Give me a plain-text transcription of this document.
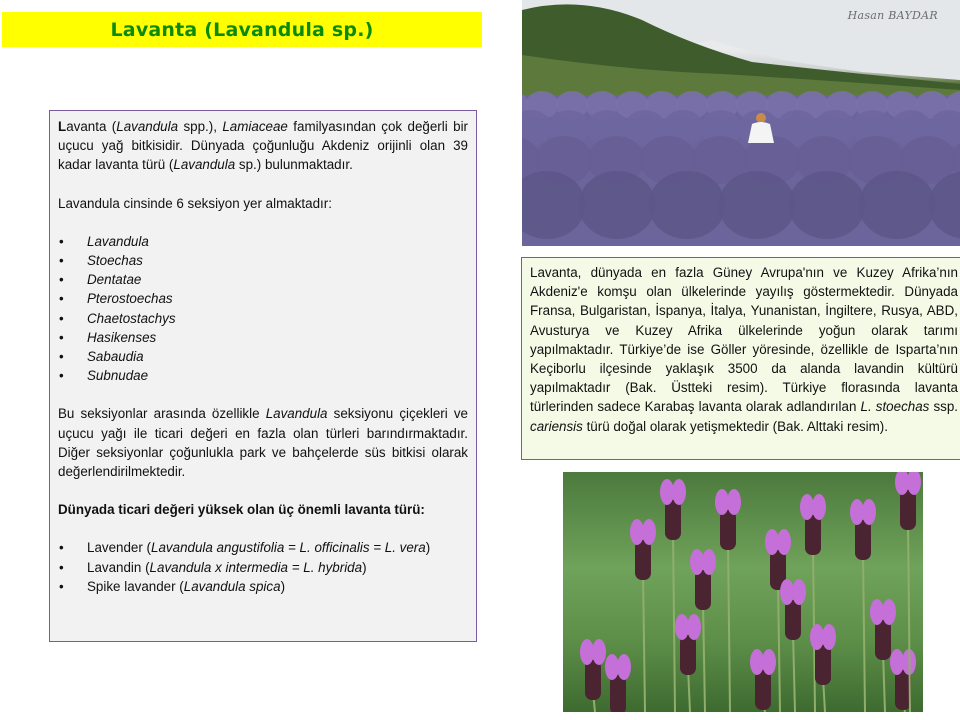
Lavanta (Lavandula sp.)

Lavanta (Lavandula spp.), Lamiaceae familyasından çok değerli bir uçucu yağ bitkisidir. Dünyada çoğunluğu Akdeniz orijinli olan 39 kadar lavanta türü (Lavandula sp.) bulunmaktadır.

Lavandula cinsinde 6 seksiyon yer almaktadır:

• Lavandula
• Stoechas
• Dentatae
• Pterostoechas
• Chaetostachys
• Hasikenses
• Sabaudia
• Subnudae

Bu seksiyonlar arasında özellikle Lavandula seksiyonu çiçekleri ve uçucu yağı ile ticari değeri en fazla olan türleri barındırmaktadır. Diğer seksiyonlar çoğunlukla park ve bahçelerde süs bitkisi olarak değerlendirilmektedir.

Dünyada ticari değeri yüksek olan üç önemli lavanta türü:

• Lavender (Lavandula angustifolia = L. officinalis = L. vera)
• Lavandin (Lavandula x intermedia = L. hybrida)
• Spike lavander (Lavandula spica)
Hasan BAYDAR

Lavanta, dünyada en fazla Güney Avrupa'nın ve Kuzey Afrika’nın Akdeniz'e komşu olan ülkelerinde yayılış göstermektedir. Dünyada Fransa, Bulgaristan, İspanya, İtalya, Yunanistan, İngiltere, Rusya, ABD, Avusturya ve Kuzey Afrika ülkelerinde yoğun olarak tarımı yapılmaktadır. Türkiye’de ise Göller yöresinde, özellikle de Isparta’nın Keçiborlu ilçesinde yaklaşık 3500 da alanda lavandin kültürü yapılmaktadır (Bak. Üstteki resim). Türkiye florasında lavanta türlerinden sadece Karabaş lavanta olarak adlandırılan L. stoechas ssp. cariensis türü doğal olarak yetişmektedir (Bak. Alttaki resim).
